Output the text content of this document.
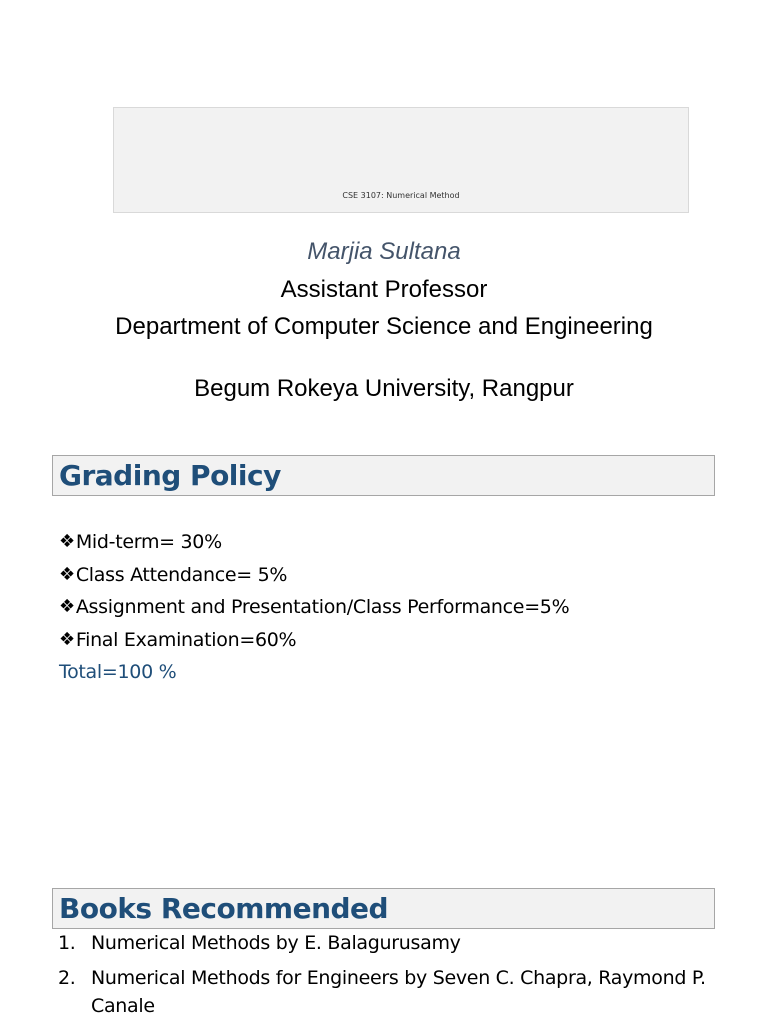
CSE 3107: Numerical Method
Marjia Sultana
Assistant Professor
Department of Computer Science and Engineering
Begum Rokeya University, Rangpur
Grading Policy
❖ Mid-term= 30%
❖ Class Attendance= 5%
❖ Assignment and Presentation/Class Performance=5%
❖ Final Examination=60%
Total=100 %
Books Recommended
1. Numerical Methods by E. Balagurusamy
2. Numerical Methods for Engineers by Seven C. Chapra, Raymond P. Canale
